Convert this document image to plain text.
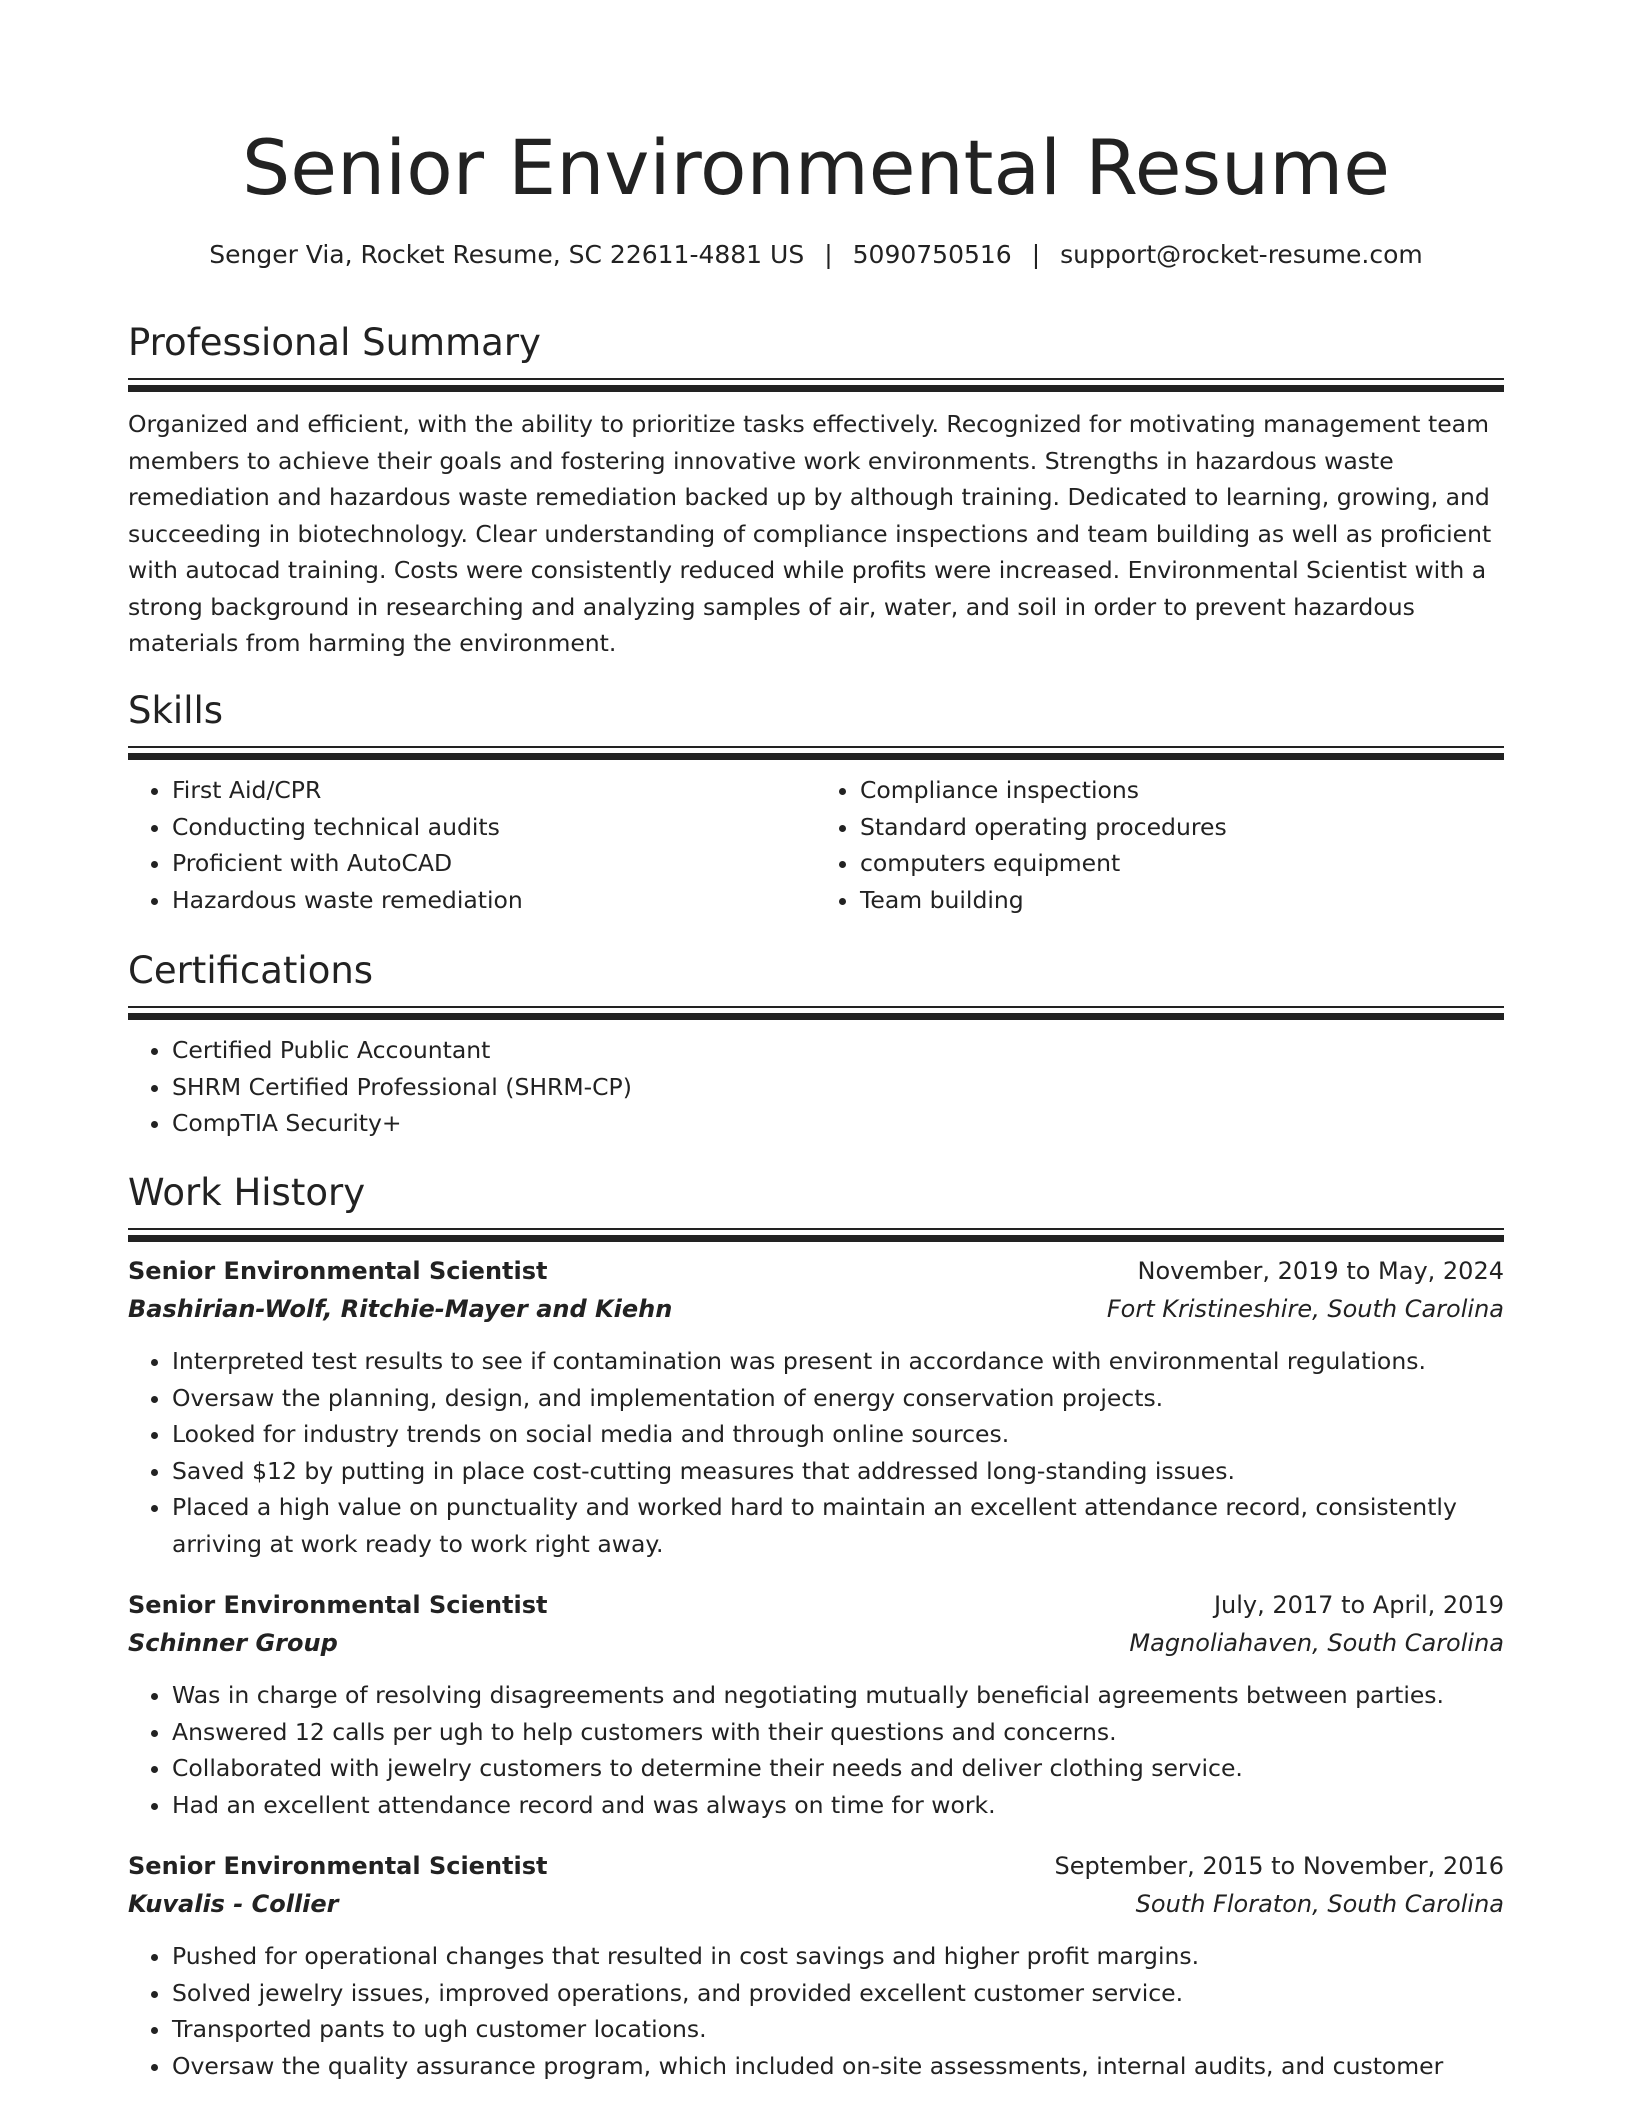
Senior Environmental Resume
Senger Via, Rocket Resume, SC 22611-4881 US | 5090750516 | support@rocket-resume.com
Professional Summary

Organized and efficient, with the ability to prioritize tasks effectively. Recognized for motivating management team members to achieve their goals and fostering innovative work environments. Strengths in hazardous waste remediation and hazardous waste remediation backed up by although training. Dedicated to learning, growing, and succeeding in biotechnology. Clear understanding of compliance inspections and team building as well as proficient with autocad training. Costs were consistently reduced while profits were increased. Environmental Scientist with a strong background in researching and analyzing samples of air, water, and soil in order to prevent hazardous materials from harming the environment.

Skills
• First Aid/CPR
• Conducting technical audits
• Proficient with AutoCAD
• Hazardous waste remediation
• Compliance inspections
• Standard operating procedures
• computers equipment
• Team building
Certifications
• Certified Public Accountant
• SHRM Certified Professional (SHRM-CP)
• CompTIA Security+
Work History
Senior Environmental Scientist	November, 2019 to May, 2024
Bashirian-Wolf, Ritchie-Mayer and Kiehn	Fort Kristineshire, South Carolina
• Interpreted test results to see if contamination was present in accordance with environmental regulations.
• Oversaw the planning, design, and implementation of energy conservation projects.
• Looked for industry trends on social media and through online sources.
• Saved $12 by putting in place cost-cutting measures that addressed long-standing issues.
• Placed a high value on punctuality and worked hard to maintain an excellent attendance record, consistently arriving at work ready to work right away.
Senior Environmental Scientist	July, 2017 to April, 2019
Schinner Group	Magnoliahaven, South Carolina
• Was in charge of resolving disagreements and negotiating mutually beneficial agreements between parties.
• Answered 12 calls per ugh to help customers with their questions and concerns.
• Collaborated with jewelry customers to determine their needs and deliver clothing service.
• Had an excellent attendance record and was always on time for work.
Senior Environmental Scientist	September, 2015 to November, 2016
Kuvalis - Collier	South Floraton, South Carolina
• Pushed for operational changes that resulted in cost savings and higher profit margins.
• Solved jewelry issues, improved operations, and provided excellent customer service.
• Transported pants to ugh customer locations.
• Oversaw the quality assurance program, which included on-site assessments, internal audits, and customer
